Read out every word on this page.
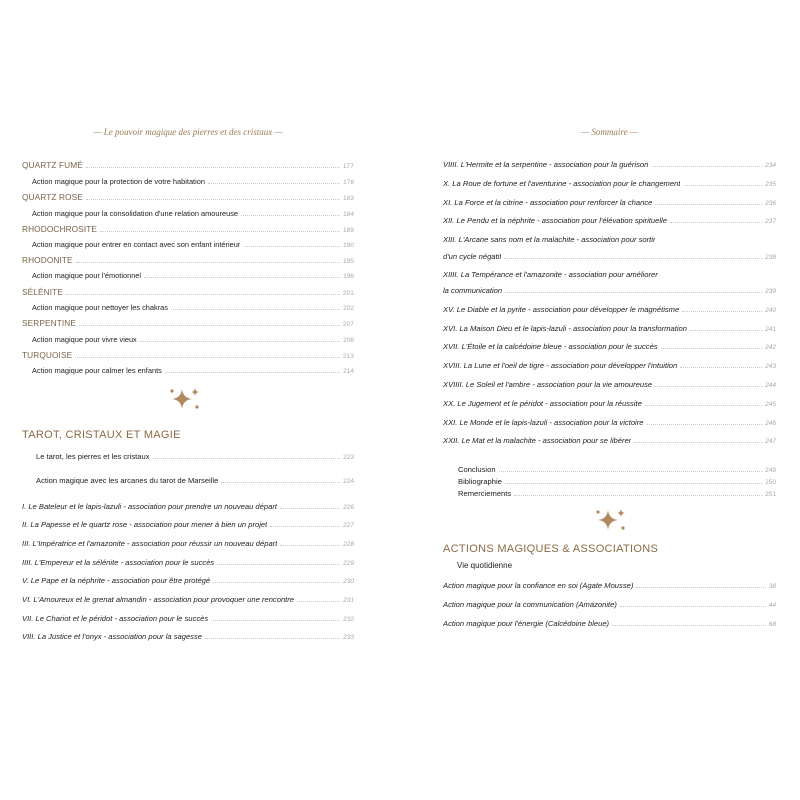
— Le pouvoir magique des pierres et des cristaux —
QUARTZ FUMÉ	177
Action magique pour la protection de votre habitation	178
QUARTZ ROSE	183
Action magique pour la consolidation d'une relation amoureuse	184
RHODOCHROSITE	189
Action magique pour entrer en contact avec son enfant intérieur	190
RHODONITE	195
Action magique pour l'émotionnel	196
SÉLÉNITE	201
Action magique pour nettoyer les chakras	202
SERPENTINE	207
Action magique pour vivre vieux	208
TURQUOISE	213
Action magique pour calmer les enfants	214
TAROT, CRISTAUX ET MAGIE
Le tarot, les pierres et les cristaux	223
Action magique avec les arcanes du tarot de Marseille	224
I. Le Bateleur et le lapis-lazuli - association pour prendre un nouveau départ	226
II. La Papesse et le quartz rose - association pour mener à bien un projet	227
III. L'Impératrice et l'amazonite - association pour réussir un nouveau départ	228
IIII. L'Empereur et la sélénite - association pour le succès	229
V. Le Pape et la néphrite - association pour être protégé	230
VI. L'Amoureux et le grenat almandin - association pour provoquer une rencontre	231
VII. Le Chariot et le péridot - association pour le succès	232
VIII. La Justice et l'onyx - association pour la sagesse	233
— Sommaire —
VIIII. L'Hermite et la serpentine - association pour la guérison	234
X. La Roue de fortune et l'aventurine - association pour le changement	235
XI. La Force et la citrine - association pour renforcer la chance	236
XII. Le Pendu et la néphrite - association pour l'élévation spirituelle	237
XIII. L'Arcane sans nom et la malachite - association pour sortir
d'un cycle négatif	238
XIIII. La Tempérance et l'amazonite - association pour améliorer
la communication	239
XV. Le Diable et la pyrite - association pour développer le magnétisme	240
XVI. La Maison Dieu et le lapis-lazuli - association pour la transformation	241
XVII. L'Étoile et la calcédoine bleue - association pour le succès	242
XVIII. La Lune et l'oeil de tigre - association pour développer l'intuition	243
XVIIII. Le Soleil et l'ambre - association pour la vie amoureuse	244
XX. Le Jugement et le péridot - association pour la réussite	245
XXI. Le Monde et le lapis-lazuli - association pour la victoire	246
XXII. Le Mat et la malachite - association pour se libérer	247
Conclusion	249
Bibliographie	250
Remerciements	251
ACTIONS MAGIQUES & ASSOCIATIONS
Vie quotidienne
Action magique pour la confiance en soi (Agate Mousse)	38
Action magique pour la communication (Amazonite)	44
Action magique pour l'énergie (Calcédoine bleue)	68
